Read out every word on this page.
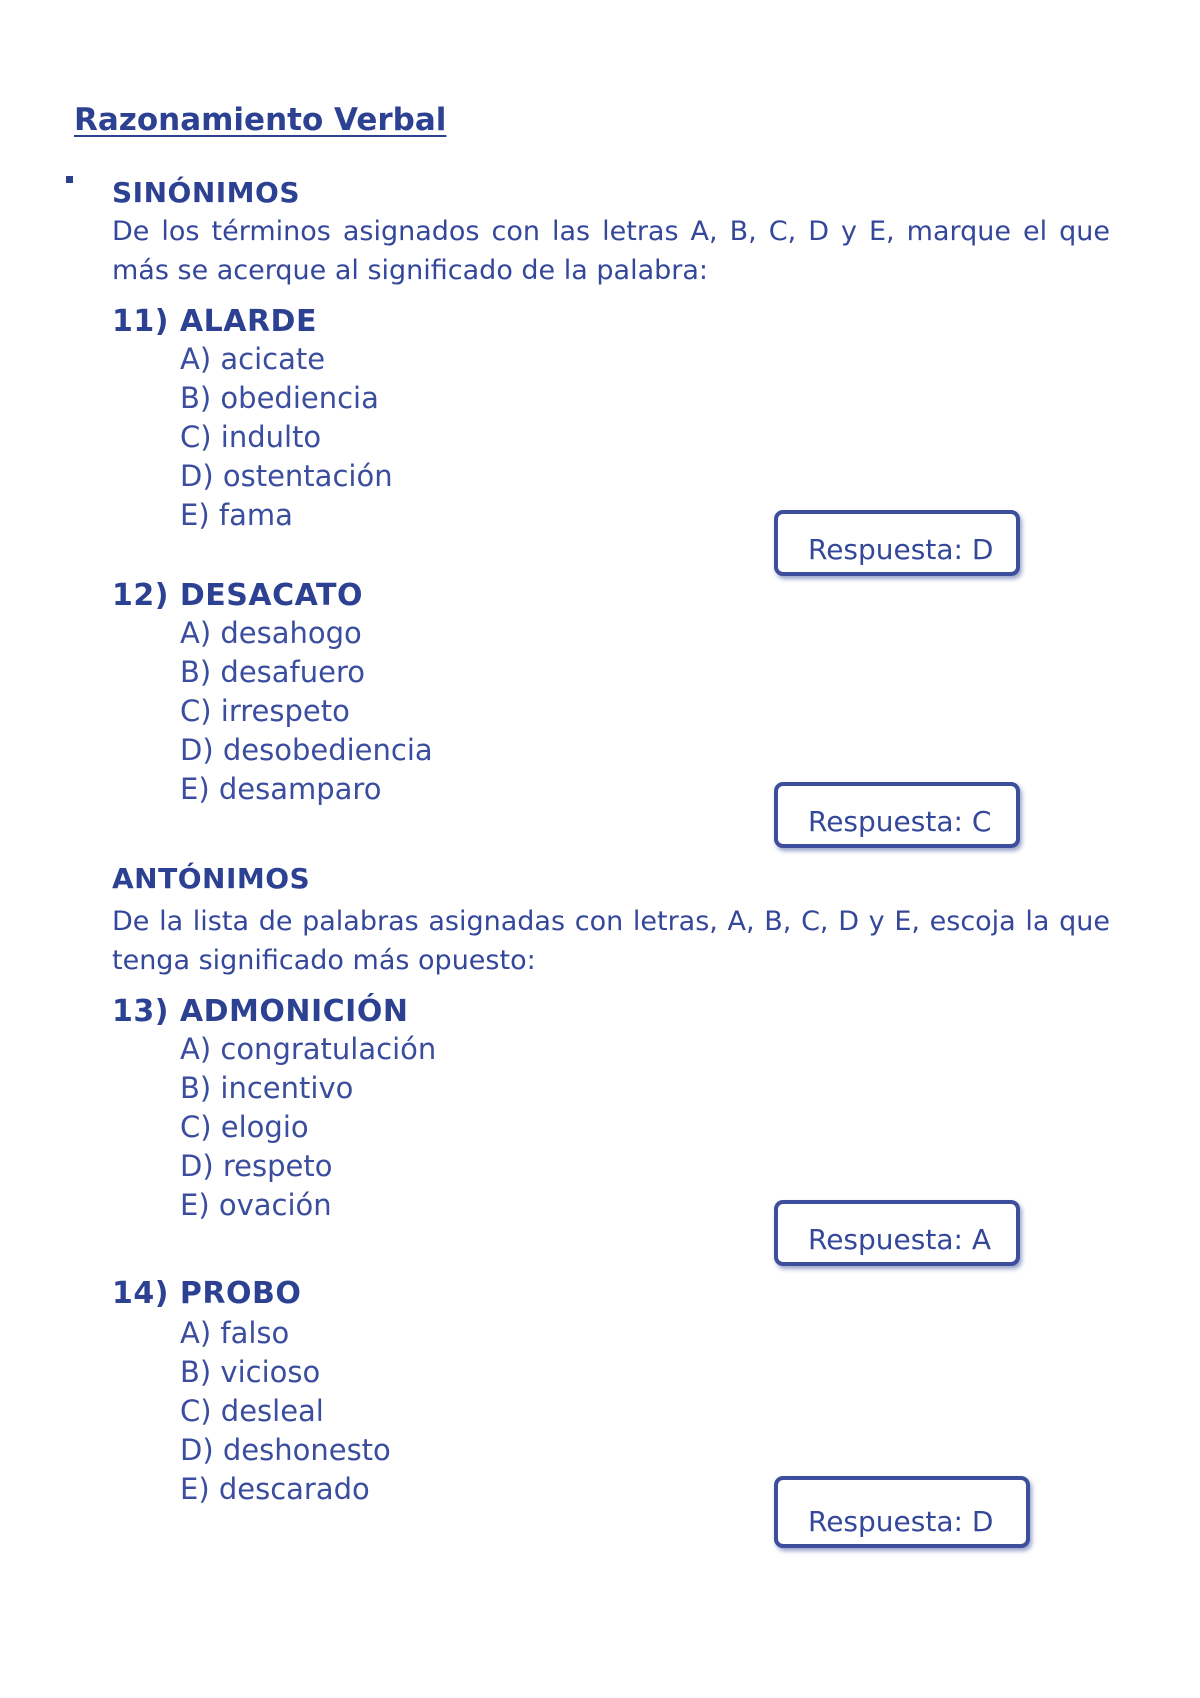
Razonamiento Verbal
SINÓNIMOS
De los términos asignados con las letras A, B, C, D y E, marque el que más se acerque al significado de la palabra:
11) ALARDE
A) acicate
B) obediencia
C) indulto
D) ostentación
E) fama
Respuesta: D
12) DESACATO
A) desahogo
B) desafuero
C) irrespeto
D) desobediencia
E) desamparo
Respuesta: C
ANTÓNIMOS
De la lista de palabras asignadas con letras, A, B, C, D y E, escoja la que tenga significado más opuesto:
13) ADMONICIÓN
A) congratulación
B) incentivo
C) elogio
D) respeto
E) ovación
Respuesta: A
14) PROBO
A) falso
B) vicioso
C) desleal
D) deshonesto
E) descarado
Respuesta: D
